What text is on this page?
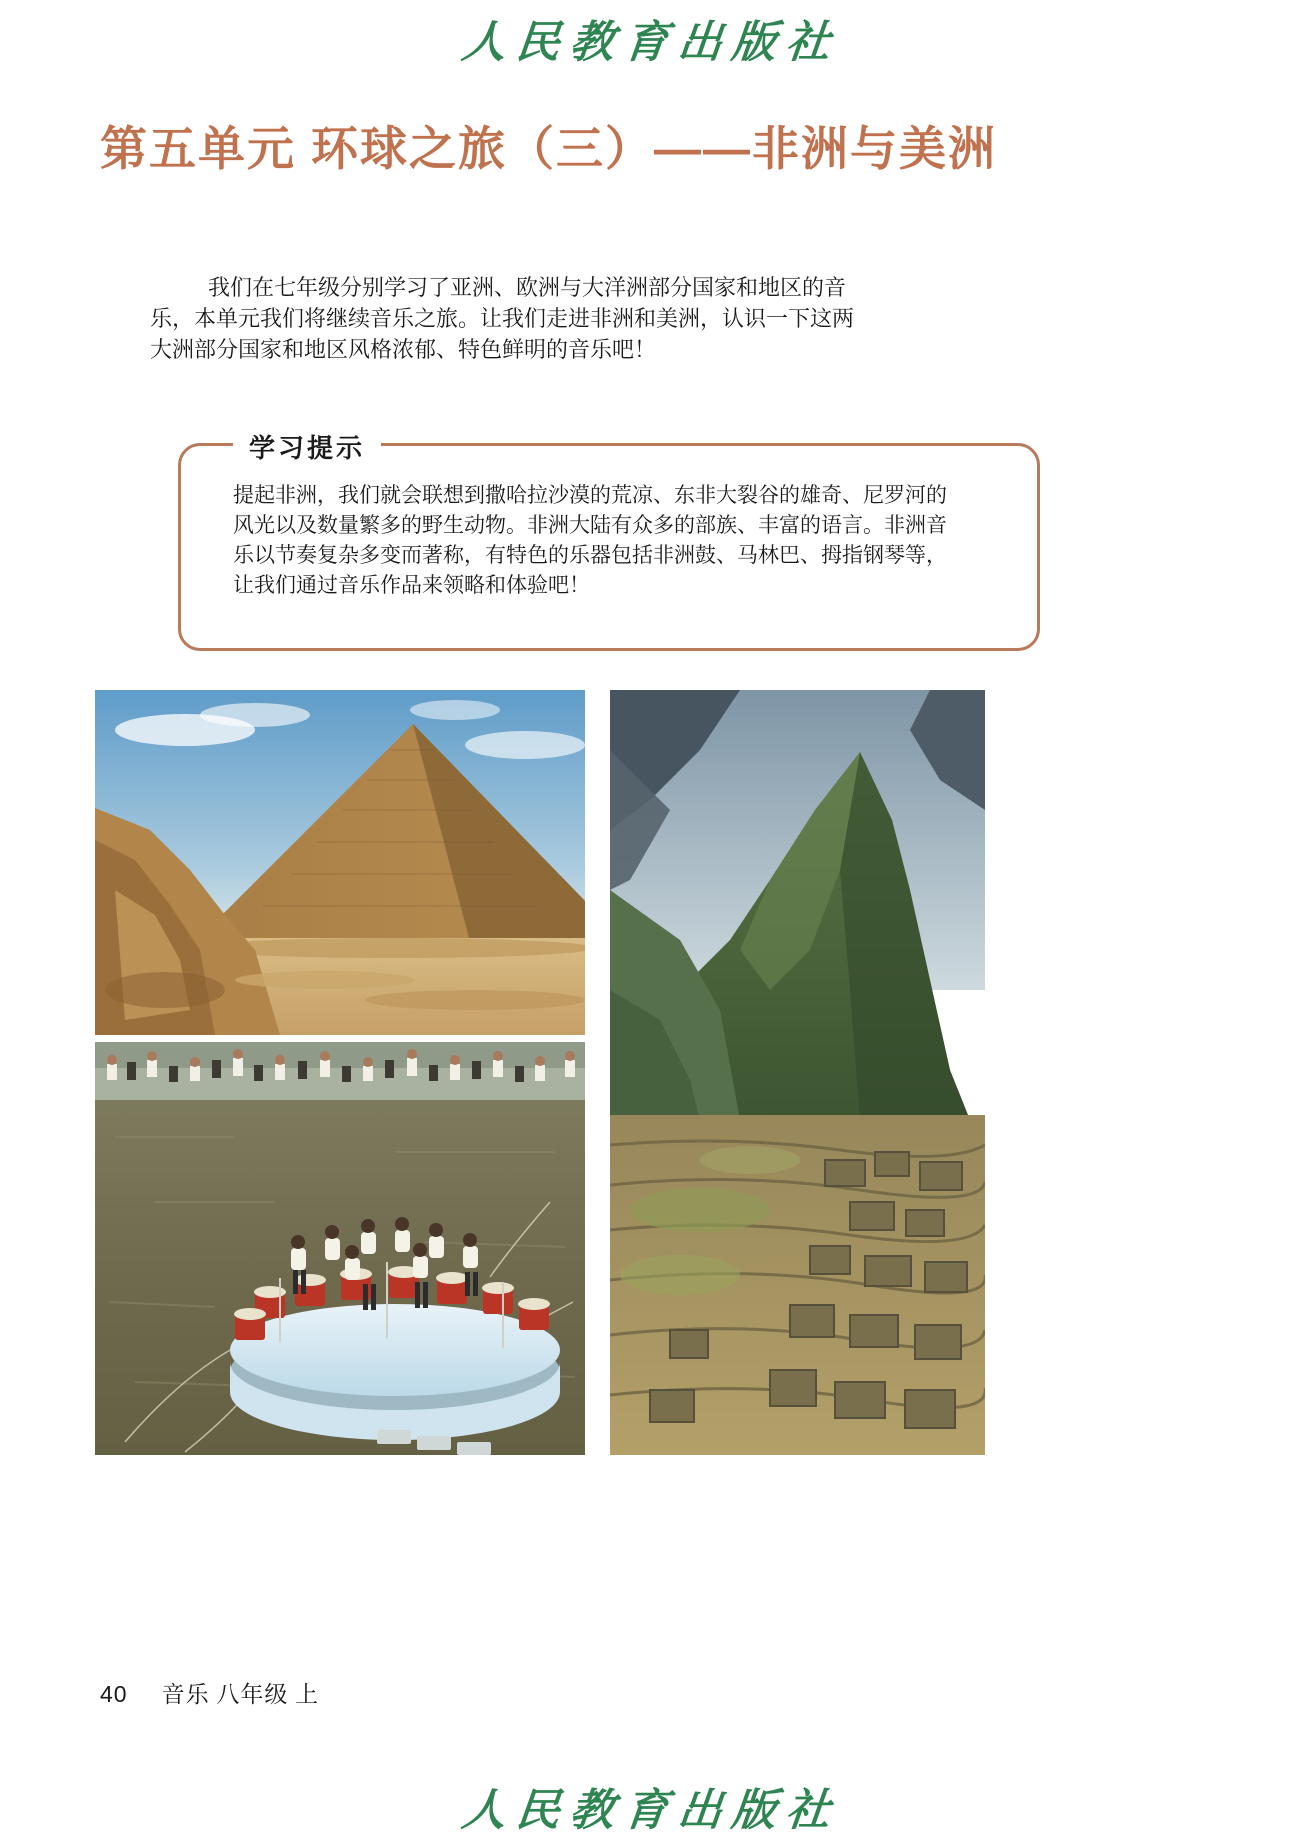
人民教育出版社
第五单元 环球之旅（三）——非洲与美洲
我们在七年级分别学习了亚洲、欧洲与大洋洲部分国家和地区的音
乐，本单元我们将继续音乐之旅。让我们走进非洲和美洲，认识一下这两
大洲部分国家和地区风格浓郁、特色鲜明的音乐吧！
学习提示
提起非洲，我们就会联想到撒哈拉沙漠的荒凉、东非大裂谷的雄奇、尼罗河的
风光以及数量繁多的野生动物。非洲大陆有众多的部族、丰富的语言。非洲音
乐以节奏复杂多变而著称，有特色的乐器包括非洲鼓、马林巴、拇指钢琴等，
让我们通过音乐作品来领略和体验吧！
40 音乐 八年级 上
人民教育出版社
